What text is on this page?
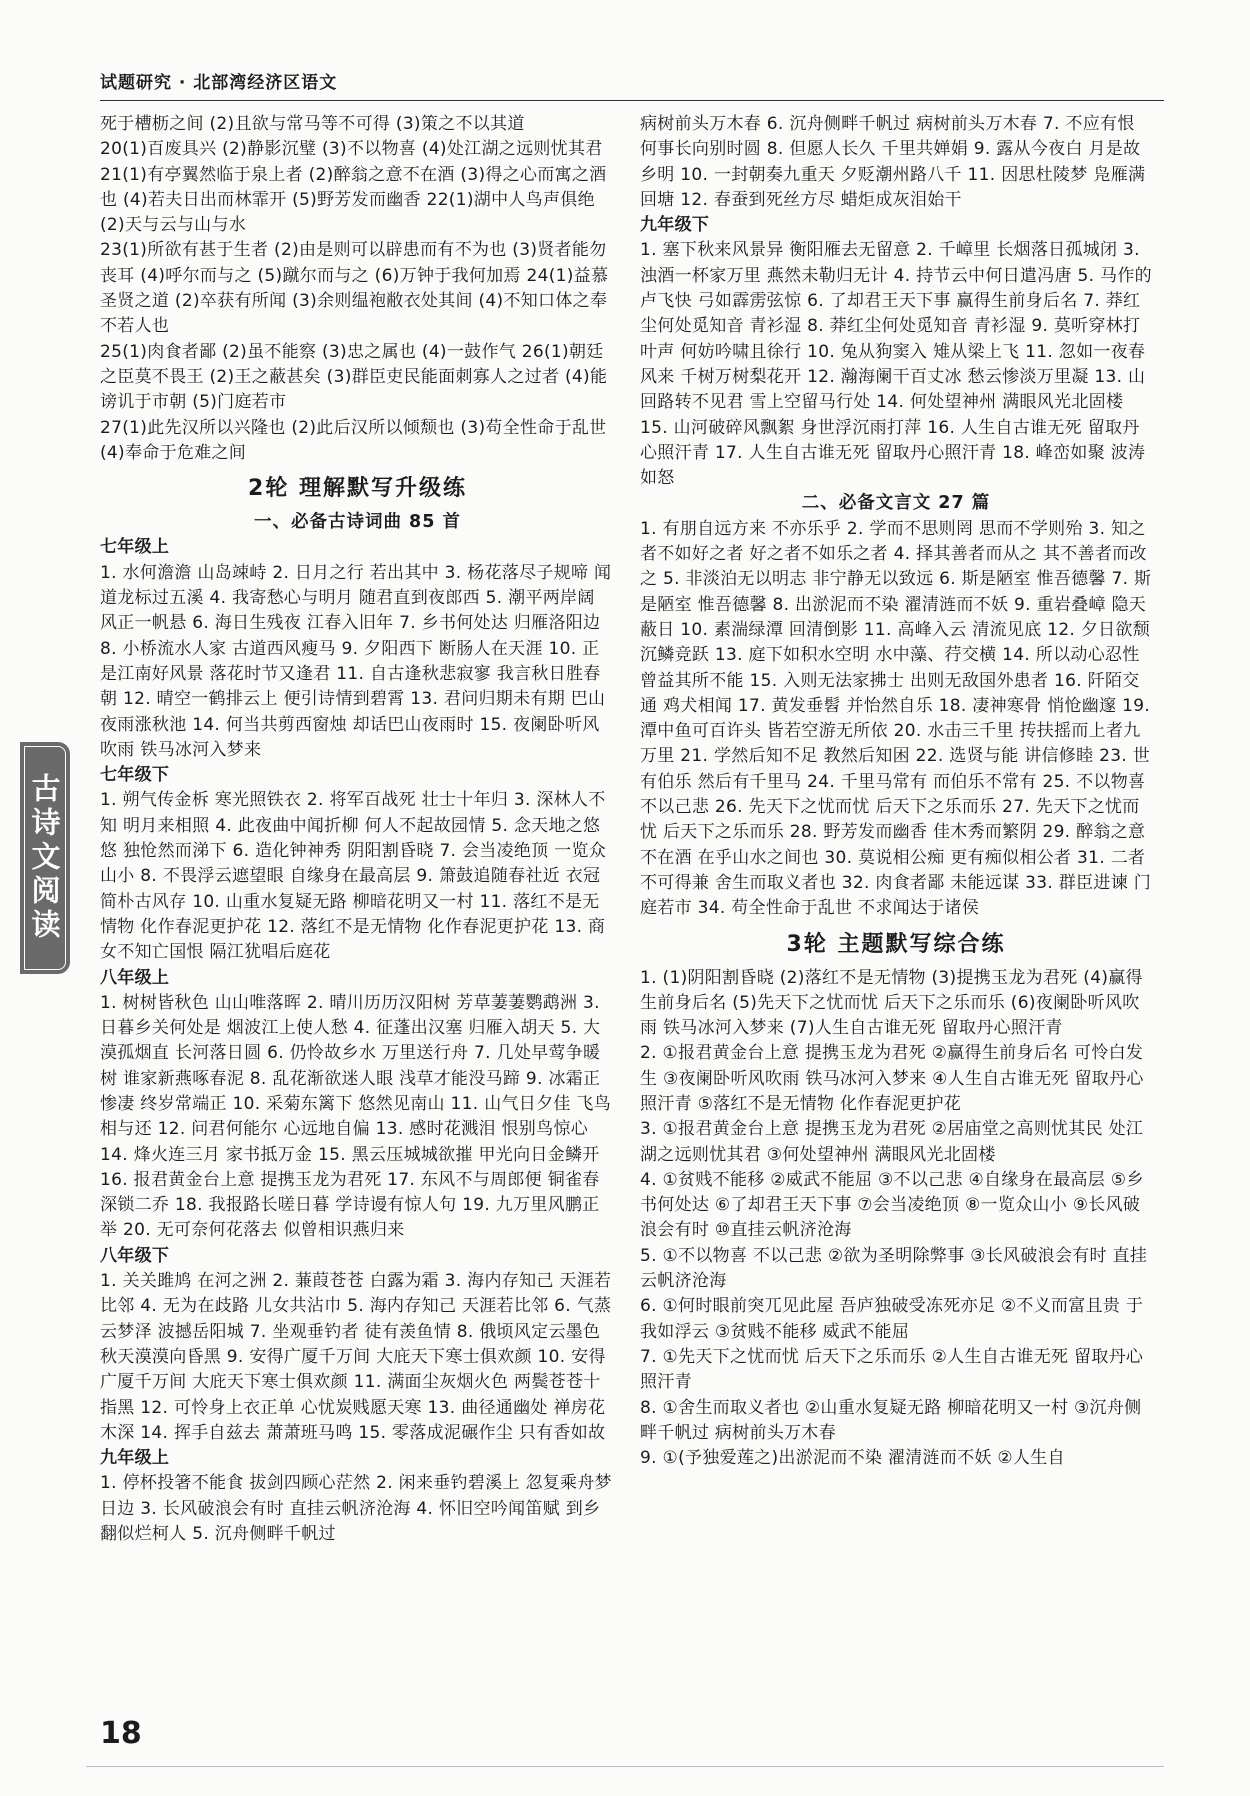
试题研究 · 北部湾经济区语文

死于槽枥之间 (2)且欲与常马等不可得 (3)策之不以其道

20(1)百废具兴 (2)静影沉璧 (3)不以物喜 (4)处江湖之远则忧其君 21(1)有亭翼然临于泉上者 (2)醉翁之意不在酒 (3)得之心而寓之酒也 (4)若夫日出而林霏开 (5)野芳发而幽香 22(1)湖中人鸟声俱绝 (2)天与云与山与水

23(1)所欲有甚于生者 (2)由是则可以辟患而有不为也 (3)贤者能勿丧耳 (4)呼尔而与之 (5)蹴尔而与之 (6)万钟于我何加焉 24(1)益慕圣贤之道 (2)卒获有所闻 (3)余则缊袍敝衣处其间 (4)不知口体之奉不若人也

25(1)肉食者鄙 (2)虽不能察 (3)忠之属也 (4)一鼓作气 26(1)朝廷之臣莫不畏王 (2)王之蔽甚矣 (3)群臣吏民能面刺寡人之过者 (4)能谤讥于市朝 (5)门庭若市

27(1)此先汉所以兴隆也 (2)此后汉所以倾颓也 (3)苟全性命于乱世 (4)奉命于危难之间

2轮 理解默写升级练
一、必备古诗词曲 85 首

七年级上

1. 水何澹澹 山岛竦峙 2. 日月之行 若出其中 3. 杨花落尽子规啼 闻道龙标过五溪 4. 我寄愁心与明月 随君直到夜郎西 5. 潮平两岸阔 风正一帆悬 6. 海日生残夜 江春入旧年 7. 乡书何处达 归雁洛阳边 8. 小桥流水人家 古道西风瘦马 9. 夕阳西下 断肠人在天涯 10. 正是江南好风景 落花时节又逢君 11. 自古逢秋悲寂寥 我言秋日胜春朝 12. 晴空一鹤排云上 便引诗情到碧霄 13. 君问归期未有期 巴山夜雨涨秋池 14. 何当共剪西窗烛 却话巴山夜雨时 15. 夜阑卧听风吹雨 铁马冰河入梦来

七年级下

1. 朔气传金柝 寒光照铁衣 2. 将军百战死 壮士十年归 3. 深林人不知 明月来相照 4. 此夜曲中闻折柳 何人不起故园情 5. 念天地之悠悠 独怆然而涕下 6. 造化钟神秀 阴阳割昏晓 7. 会当凌绝顶 一览众山小 8. 不畏浮云遮望眼 自缘身在最高层 9. 箫鼓追随春社近 衣冠简朴古风存 10. 山重水复疑无路 柳暗花明又一村 11. 落红不是无情物 化作春泥更护花 12. 落红不是无情物 化作春泥更护花 13. 商女不知亡国恨 隔江犹唱后庭花

八年级上

1. 树树皆秋色 山山唯落晖 2. 晴川历历汉阳树 芳草萋萋鹦鹉洲 3. 日暮乡关何处是 烟波江上使人愁 4. 征蓬出汉塞 归雁入胡天 5. 大漠孤烟直 长河落日圆 6. 仍怜故乡水 万里送行舟 7. 几处早莺争暖树 谁家新燕啄春泥 8. 乱花渐欲迷人眼 浅草才能没马蹄 9. 冰霜正惨凄 终岁常端正 10. 采菊东篱下 悠然见南山 11. 山气日夕佳 飞鸟相与还 12. 问君何能尔 心远地自偏 13. 感时花溅泪 恨别鸟惊心 14. 烽火连三月 家书抵万金 15. 黑云压城城欲摧 甲光向日金鳞开 16. 报君黄金台上意 提携玉龙为君死 17. 东风不与周郎便 铜雀春深锁二乔 18. 我报路长嗟日暮 学诗谩有惊人句 19. 九万里风鹏正举 20. 无可奈何花落去 似曾相识燕归来

八年级下

1. 关关雎鸠 在河之洲 2. 蒹葭苍苍 白露为霜 3. 海内存知己 天涯若比邻 4. 无为在歧路 儿女共沾巾 5. 海内存知己 天涯若比邻 6. 气蒸云梦泽 波撼岳阳城 7. 坐观垂钓者 徒有羡鱼情 8. 俄顷风定云墨色 秋天漠漠向昏黑 9. 安得广厦千万间 大庇天下寒士俱欢颜 10. 安得广厦千万间 大庇天下寒士俱欢颜 11. 满面尘灰烟火色 两鬓苍苍十指黑 12. 可怜身上衣正单 心忧炭贱愿天寒 13. 曲径通幽处 禅房花木深 14. 挥手自兹去 萧萧班马鸣 15. 零落成泥碾作尘 只有香如故

九年级上

1. 停杯投箸不能食 拔剑四顾心茫然 2. 闲来垂钓碧溪上 忽复乘舟梦日边 3. 长风破浪会有时 直挂云帆济沧海 4. 怀旧空吟闻笛赋 到乡翻似烂柯人 5. 沉舟侧畔千帆过

病树前头万木春 6. 沉舟侧畔千帆过 病树前头万木春 7. 不应有恨 何事长向别时圆 8. 但愿人长久 千里共婵娟 9. 露从今夜白 月是故乡明 10. 一封朝奏九重天 夕贬潮州路八千 11. 因思杜陵梦 凫雁满回塘 12. 春蚕到死丝方尽 蜡炬成灰泪始干

九年级下

1. 塞下秋来风景异 衡阳雁去无留意 2. 千嶂里 长烟落日孤城闭 3. 浊酒一杯家万里 燕然未勒归无计 4. 持节云中何日遣冯唐 5. 马作的卢飞快 弓如霹雳弦惊 6. 了却君王天下事 赢得生前身后名 7. 莽红尘何处觅知音 青衫湿 8. 莽红尘何处觅知音 青衫湿 9. 莫听穿林打叶声 何妨吟啸且徐行 10. 兔从狗窦入 雉从梁上飞 11. 忽如一夜春风来 千树万树梨花开 12. 瀚海阑干百丈冰 愁云惨淡万里凝 13. 山回路转不见君 雪上空留马行处 14. 何处望神州 满眼风光北固楼 15. 山河破碎风飘絮 身世浮沉雨打萍 16. 人生自古谁无死 留取丹心照汗青 17. 人生自古谁无死 留取丹心照汗青 18. 峰峦如聚 波涛如怒

二、必备文言文 27 篇

1. 有朋自远方来 不亦乐乎 2. 学而不思则罔 思而不学则殆 3. 知之者不如好之者 好之者不如乐之者 4. 择其善者而从之 其不善者而改之 5. 非淡泊无以明志 非宁静无以致远 6. 斯是陋室 惟吾德馨 7. 斯是陋室 惟吾德馨 8. 出淤泥而不染 濯清涟而不妖 9. 重岩叠嶂 隐天蔽日 10. 素湍绿潭 回清倒影 11. 高峰入云 清流见底 12. 夕日欲颓 沉鳞竞跃 13. 庭下如积水空明 水中藻、荇交横 14. 所以动心忍性 曾益其所不能 15. 入则无法家拂士 出则无敌国外患者 16. 阡陌交通 鸡犬相闻 17. 黄发垂髫 并怡然自乐 18. 凄神寒骨 悄怆幽邃 19. 潭中鱼可百许头 皆若空游无所依 20. 水击三千里 抟扶摇而上者九万里 21. 学然后知不足 教然后知困 22. 选贤与能 讲信修睦 23. 世有伯乐 然后有千里马 24. 千里马常有 而伯乐不常有 25. 不以物喜 不以己悲 26. 先天下之忧而忧 后天下之乐而乐 27. 先天下之忧而忧 后天下之乐而乐 28. 野芳发而幽香 佳木秀而繁阴 29. 醉翁之意不在酒 在乎山水之间也 30. 莫说相公痴 更有痴似相公者 31. 二者不可得兼 舍生而取义者也 32. 肉食者鄙 未能远谋 33. 群臣进谏 门庭若市 34. 苟全性命于乱世 不求闻达于诸侯

3轮 主题默写综合练

1. (1)阴阳割昏晓 (2)落红不是无情物 (3)提携玉龙为君死 (4)赢得生前身后名 (5)先天下之忧而忧 后天下之乐而乐 (6)夜阑卧听风吹雨 铁马冰河入梦来 (7)人生自古谁无死 留取丹心照汗青

2. ①报君黄金台上意 提携玉龙为君死 ②赢得生前身后名 可怜白发生 ③夜阑卧听风吹雨 铁马冰河入梦来 ④人生自古谁无死 留取丹心照汗青 ⑤落红不是无情物 化作春泥更护花

3. ①报君黄金台上意 提携玉龙为君死 ②居庙堂之高则忧其民 处江湖之远则忧其君 ③何处望神州 满眼风光北固楼

4. ①贫贱不能移 ②威武不能屈 ③不以己悲 ④自缘身在最高层 ⑤乡书何处达 ⑥了却君王天下事 ⑦会当凌绝顶 ⑧一览众山小 ⑨长风破浪会有时 ⑩直挂云帆济沧海

5. ①不以物喜 不以己悲 ②欲为圣明除弊事 ③长风破浪会有时 直挂云帆济沧海

6. ①何时眼前突兀见此屋 吾庐独破受冻死亦足 ②不义而富且贵 于我如浮云 ③贫贱不能移 威武不能屈

7. ①先天下之忧而忧 后天下之乐而乐 ②人生自古谁无死 留取丹心照汗青

8. ①舍生而取义者也 ②山重水复疑无路 柳暗花明又一村 ③沉舟侧畔千帆过 病树前头万木春

9. ①(予独爱莲之)出淤泥而不染 濯清涟而不妖 ②人生自

古诗文阅读
18
